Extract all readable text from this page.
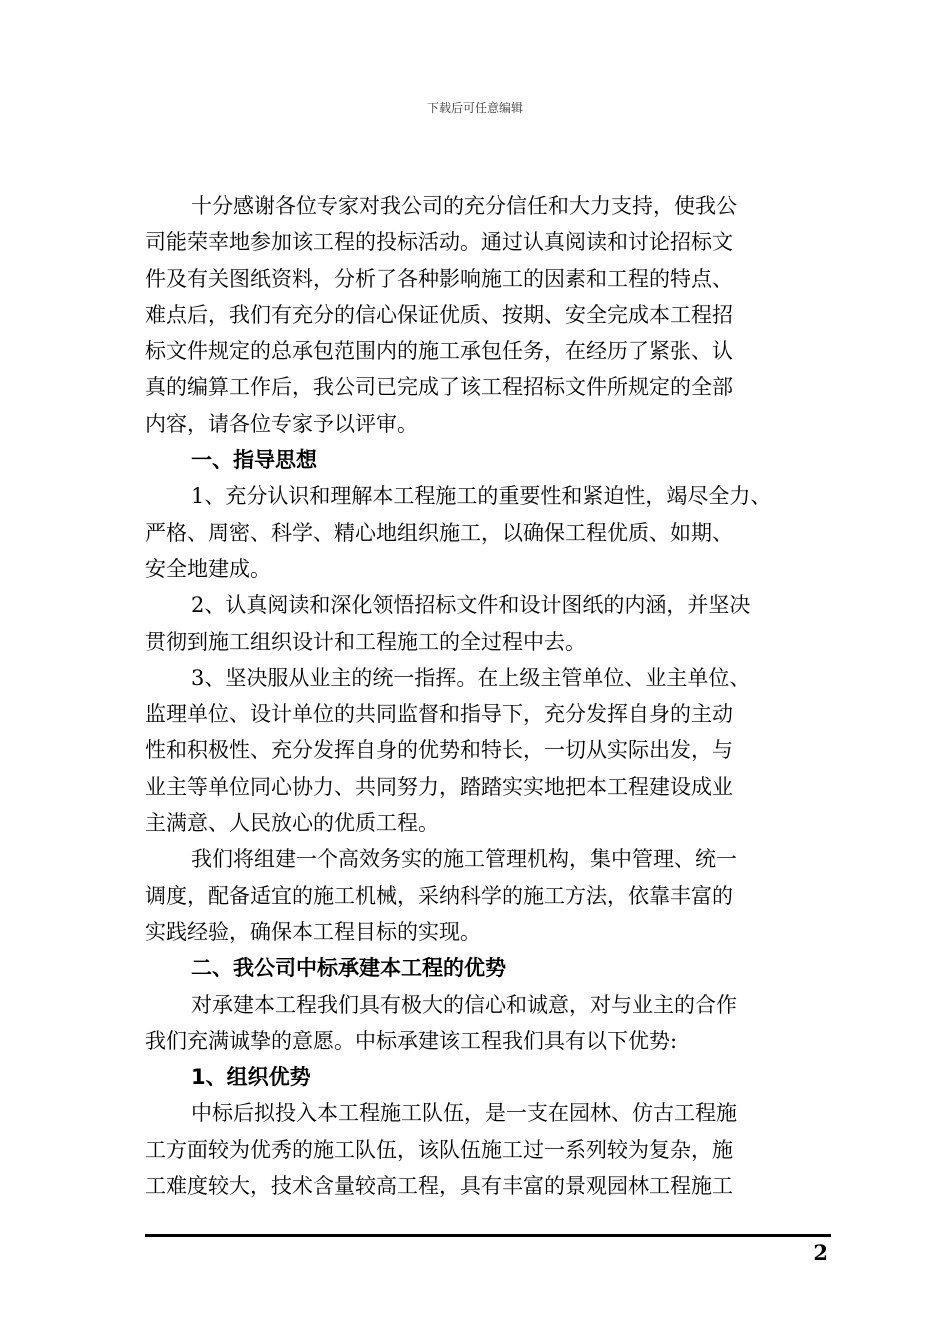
下载后可任意编辑
十分感谢各位专家对我公司的充分信任和大力支持，使我公
司能荣幸地参加该工程的投标活动。通过认真阅读和讨论招标文
件及有关图纸资料，分析了各种影响施工的因素和工程的特点、
难点后，我们有充分的信心保证优质、按期、安全完成本工程招
标文件规定的总承包范围内的施工承包任务，在经历了紧张、认
真的编算工作后，我公司已完成了该工程招标文件所规定的全部
内容，请各位专家予以评审。
一、指导思想
1、充分认识和理解本工程施工的重要性和紧迫性，竭尽全力、
严格、周密、科学、精心地组织施工，以确保工程优质、如期、
安全地建成。
2、认真阅读和深化领悟招标文件和设计图纸的内涵，并坚决
贯彻到施工组织设计和工程施工的全过程中去。
3、坚决服从业主的统一指挥。在上级主管单位、业主单位、
监理单位、设计单位的共同监督和指导下，充分发挥自身的主动
性和积极性、充分发挥自身的优势和特长，一切从实际出发，与
业主等单位同心协力、共同努力，踏踏实实地把本工程建设成业
主满意、人民放心的优质工程。
我们将组建一个高效务实的施工管理机构，集中管理、统一
调度，配备适宜的施工机械，采纳科学的施工方法，依靠丰富的
实践经验，确保本工程目标的实现。
二、我公司中标承建本工程的优势
对承建本工程我们具有极大的信心和诚意，对与业主的合作
我们充满诚挚的意愿。中标承建该工程我们具有以下优势:
1、组织优势
中标后拟投入本工程施工队伍，是一支在园林、仿古工程施
工方面较为优秀的施工队伍，该队伍施工过一系列较为复杂，施
工难度较大，技术含量较高工程，具有丰富的景观园林工程施工
2
